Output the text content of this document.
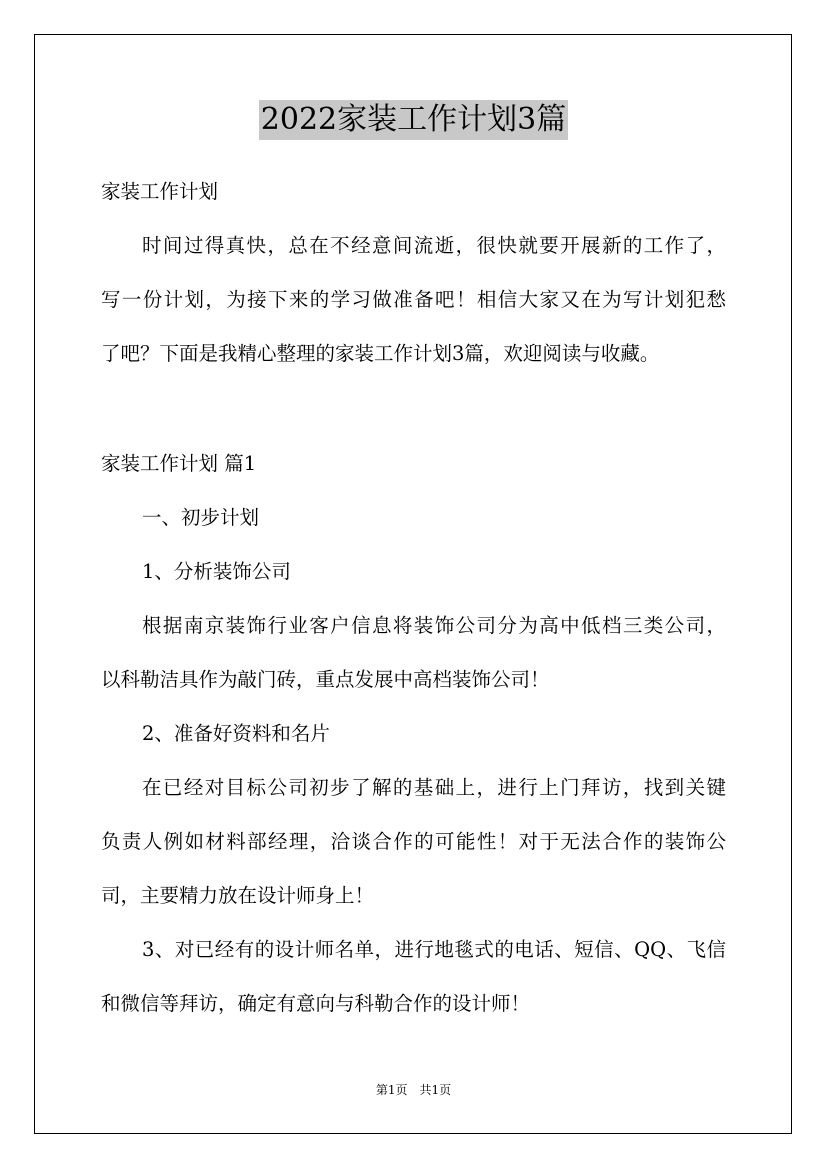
2022家装工作计划3篇
家装工作计划
时间过得真快，总在不经意间流逝，很快就要开展新的工作了，
写一份计划，为接下来的学习做准备吧！相信大家又在为写计划犯愁
了吧？下面是我精心整理的家装工作计划3篇，欢迎阅读与收藏。
家装工作计划 篇1
一、初步计划
1、分析装饰公司
根据南京装饰行业客户信息将装饰公司分为高中低档三类公司，
以科勒洁具作为敲门砖，重点发展中高档装饰公司！
2、准备好资料和名片
在已经对目标公司初步了解的基础上，进行上门拜访，找到关键
负责人例如材料部经理，洽谈合作的可能性！对于无法合作的装饰公
司，主要精力放在设计师身上！
3、对已经有的设计师名单，进行地毯式的电话、短信、QQ、飞信
和微信等拜访，确定有意向与科勒合作的设计师！
第1页　共1页
